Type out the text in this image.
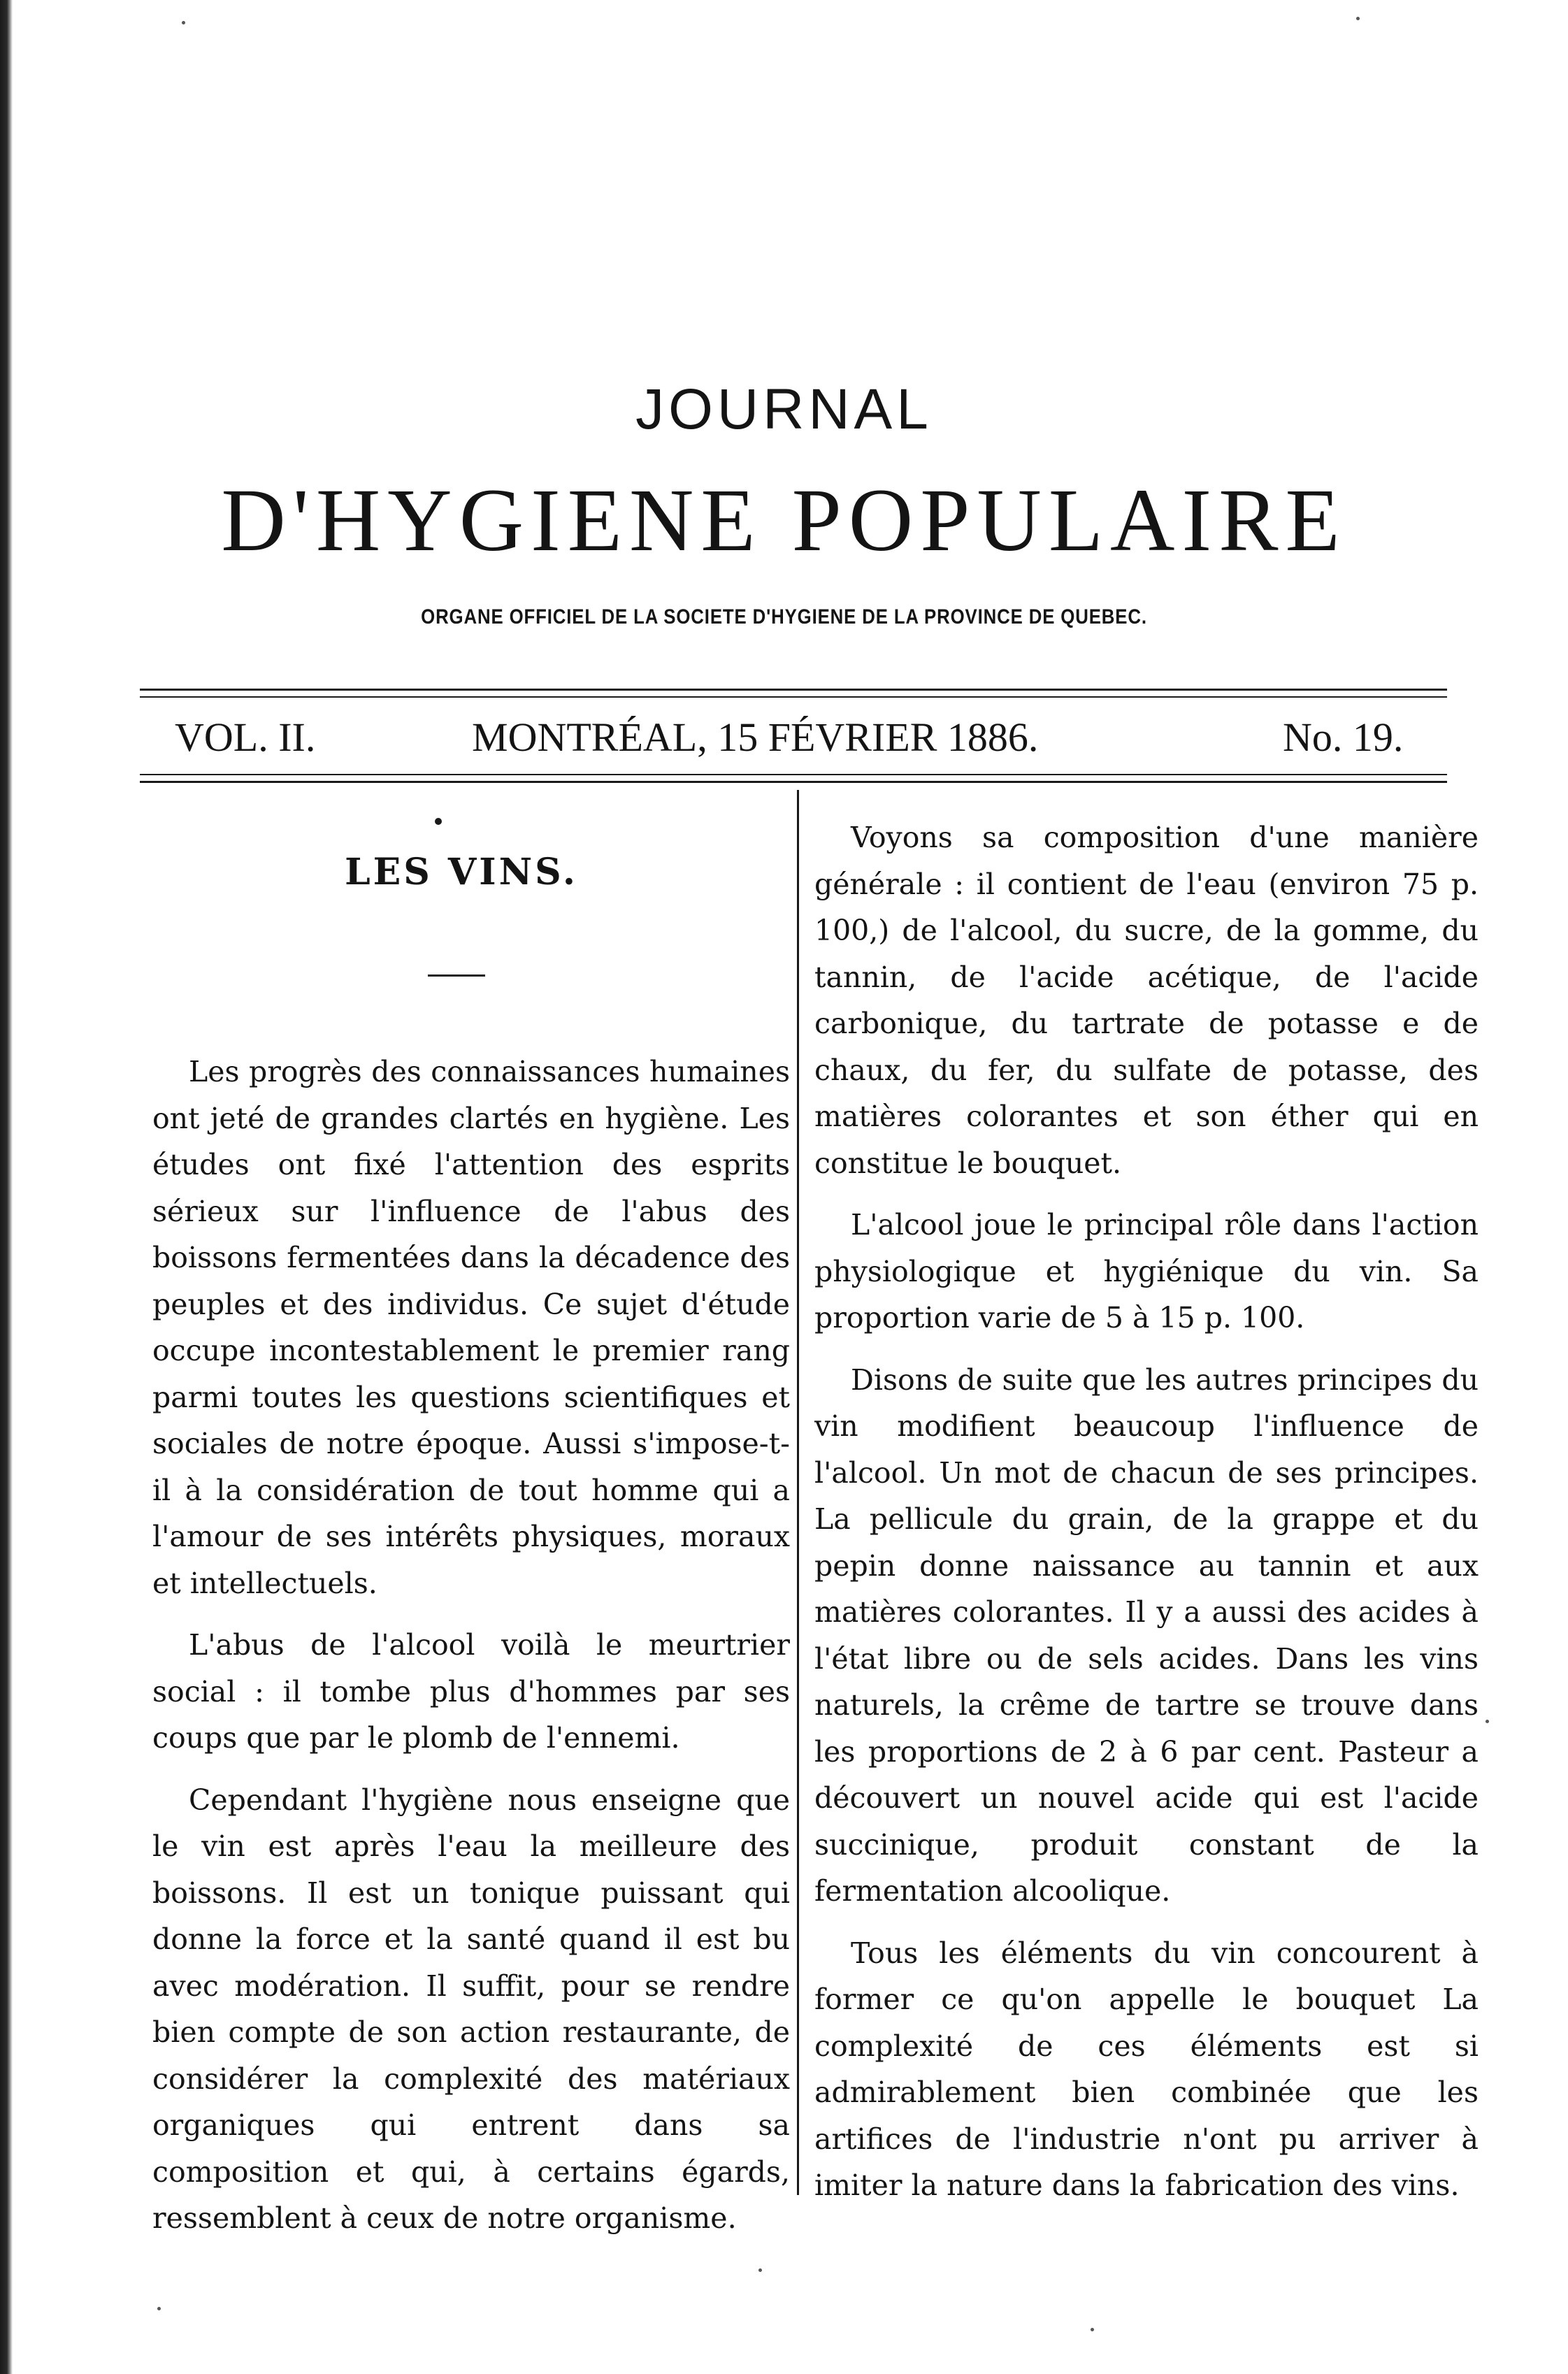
JOURNAL
D'HYGIENE POPULAIRE
ORGANE OFFICIEL DE LA SOCIETE D'HYGIENE DE LA PROVINCE DE QUEBEC.
VOL. II.	MONTRÉAL, 15 FÉVRIER 1886.	No. 19.
LES VINS.

Les progrès des connaissances humaines ont jeté de grandes clartés en hygiène. Les études ont fixé l'attention des esprits sérieux sur l'influence de l'abus des boissons fermentées dans la décadence des peuples et des individus. Ce sujet d'étude occupe incontestablement le premier rang parmi toutes les questions scientifiques et sociales de notre époque. Aussi s'impose-t-il à la considération de tout homme qui a l'amour de ses intérêts physiques, moraux et intellectuels.

L'abus de l'alcool voilà le meurtrier social : il tombe plus d'hommes par ses coups que par le plomb de l'ennemi.

Cependant l'hygiène nous enseigne que le vin est après l'eau la meilleure des boissons. Il est un tonique puissant qui donne la force et la santé quand il est bu avec modération. Il suffit, pour se rendre bien compte de son action restaurante, de considérer la complexité des matériaux organiques qui entrent dans sa composition et qui, à certains égards, ressemblent à ceux de notre organisme.

Voyons sa composition d'une manière générale : il contient de l'eau (environ 75 p. 100,) de l'alcool, du sucre, de la gomme, du tannin, de l'acide acétique, de l'acide carbonique, du tartrate de potasse e de chaux, du fer, du sulfate de potasse, des matières colorantes et son éther qui en constitue le bouquet.

L'alcool joue le principal rôle dans l'action physiologique et hygiénique du vin. Sa proportion varie de 5 à 15 p. 100.

Disons de suite que les autres principes du vin modifient beaucoup l'influence de l'alcool. Un mot de chacun de ses principes. La pellicule du grain, de la grappe et du pepin donne naissance au tannin et aux matières colorantes. Il y a aussi des acides à l'état libre ou de sels acides. Dans les vins naturels, la crême de tartre se trouve dans les proportions de 2 à 6 par cent. Pasteur a découvert un nouvel acide qui est l'acide succinique, produit constant de la fermentation alcoolique.

Tous les éléments du vin concourent à former ce qu'on appelle le bouquet La complexité de ces éléments est si admirablement bien combinée que les artifices de l'industrie n'ont pu arriver à imiter la nature dans la fabrication des vins.
